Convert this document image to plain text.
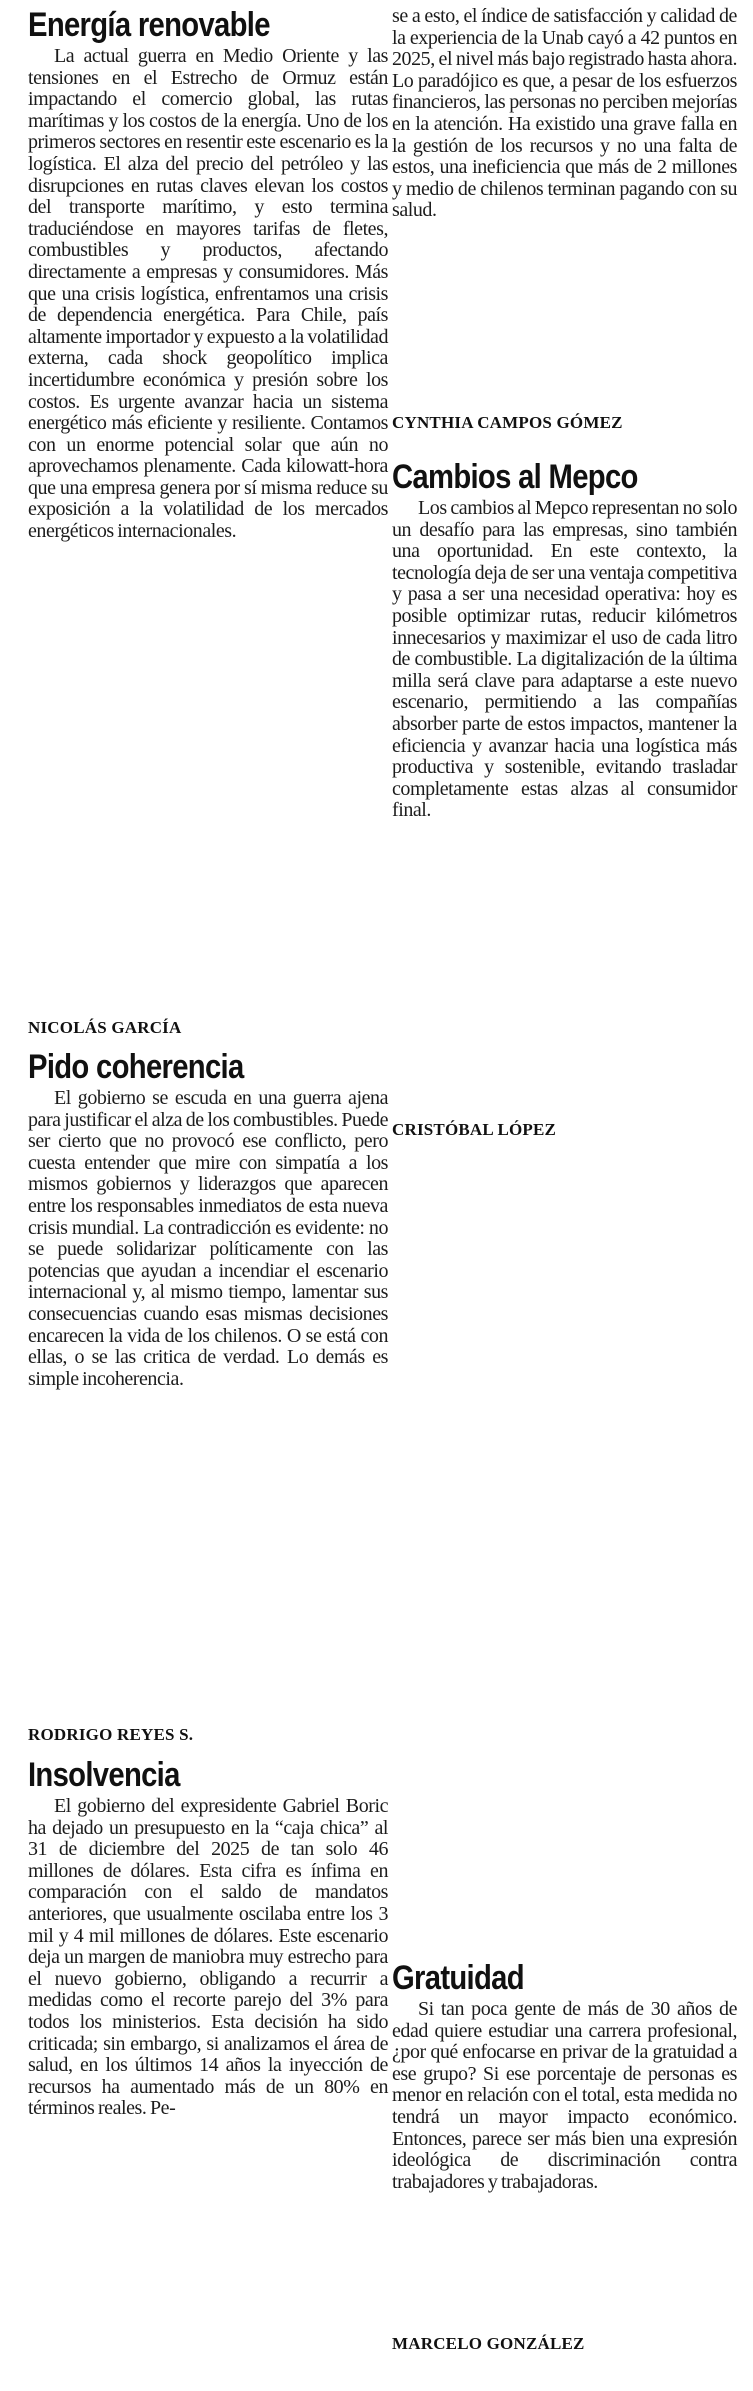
Energía renovable

La actual guerra en Medio Oriente y las tensiones en el Estrecho de Ormuz están impactando el comercio global, las rutas marítimas y los costos de la energía. Uno de los primeros sectores en resentir este escenario es la logística. El alza del precio del petróleo y las disrupciones en rutas claves elevan los costos del transporte marítimo, y esto termina traduciéndose en mayores tarifas de fletes, combustibles y productos, afectando directamente a empresas y consumidores. Más que una crisis logística, enfrentamos una crisis de dependencia energética. Para Chile, país altamente importador y expuesto a la volatilidad externa, cada shock geopolítico implica incertidumbre económica y presión sobre los costos. Es urgente avanzar hacia un sistema energético más eficiente y resiliente. Contamos con un enorme potencial solar que aún no aprovechamos plenamente. Cada kilowatt-hora que una empresa genera por sí misma reduce su exposición a la volatilidad de los mercados energéticos internacionales.

NICOLÁS GARCÍA

Pido coherencia

El gobierno se escuda en una guerra ajena para justificar el alza de los combustibles. Puede ser cierto que no provocó ese conflicto, pero cuesta entender que mire con simpatía a los mismos gobiernos y liderazgos que aparecen entre los responsables inmediatos de esta nueva crisis mundial. La contradicción es evidente: no se puede solidarizar políticamente con las potencias que ayudan a incendiar el escenario internacional y, al mismo tiempo, lamentar sus consecuencias cuando esas mismas decisiones encarecen la vida de los chilenos. O se está con ellas, o se las critica de verdad. Lo demás es simple incoherencia.

RODRIGO REYES S.

Insolvencia

El gobierno del expresidente Gabriel Boric ha dejado un presupuesto en la “caja chica” al 31 de diciembre del 2025 de tan solo 46 millones de dólares. Esta cifra es ínfima en comparación con el saldo de mandatos anteriores, que usualmente oscilaba entre los 3 mil y 4 mil millones de dólares. Este escenario deja un margen de maniobra muy estrecho para el nuevo gobierno, obligando a recurrir a medidas como el recorte parejo del 3% para todos los ministerios. Esta decisión ha sido criticada; sin embargo, si analizamos el área de salud, en los últimos 14 años la inyección de recursos ha aumentado más de un 80% en términos reales. Pe-

se a esto, el índice de satisfacción y calidad de la experiencia de la Unab cayó a 42 puntos en 2025, el nivel más bajo registrado hasta ahora. Lo paradójico es que, a pesar de los esfuerzos financieros, las personas no perciben mejorías en la atención. Ha existido una grave falla en la gestión de los recursos y no una falta de estos, una ineficiencia que más de 2 millones y medio de chilenos terminan pagando con su salud.

CYNTHIA CAMPOS GÓMEZ

Cambios al Mepco

Los cambios al Mepco representan no solo un desafío para las empresas, sino también una oportunidad. En este contexto, la tecnología deja de ser una ventaja competitiva y pasa a ser una necesidad operativa: hoy es posible optimizar rutas, reducir kilómetros innecesarios y maximizar el uso de cada litro de combustible. La digitalización de la última milla será clave para adaptarse a este nuevo escenario, permitiendo a las compañías absorber parte de estos impactos, mantener la eficiencia y avanzar hacia una logística más productiva y sostenible, evitando trasladar completamente estas alzas al consumidor final.

CRISTÓBAL LÓPEZ

Gratuidad

Si tan poca gente de más de 30 años de edad quiere estudiar una carrera profesional, ¿por qué enfocarse en privar de la gratuidad a ese grupo? Si ese porcentaje de personas es menor en relación con el total, esta medida no tendrá un mayor impacto económico. Entonces, parece ser más bien una expresión ideológica de discriminación contra trabajadores y trabajadoras.

MARCELO GONZÁLEZ
